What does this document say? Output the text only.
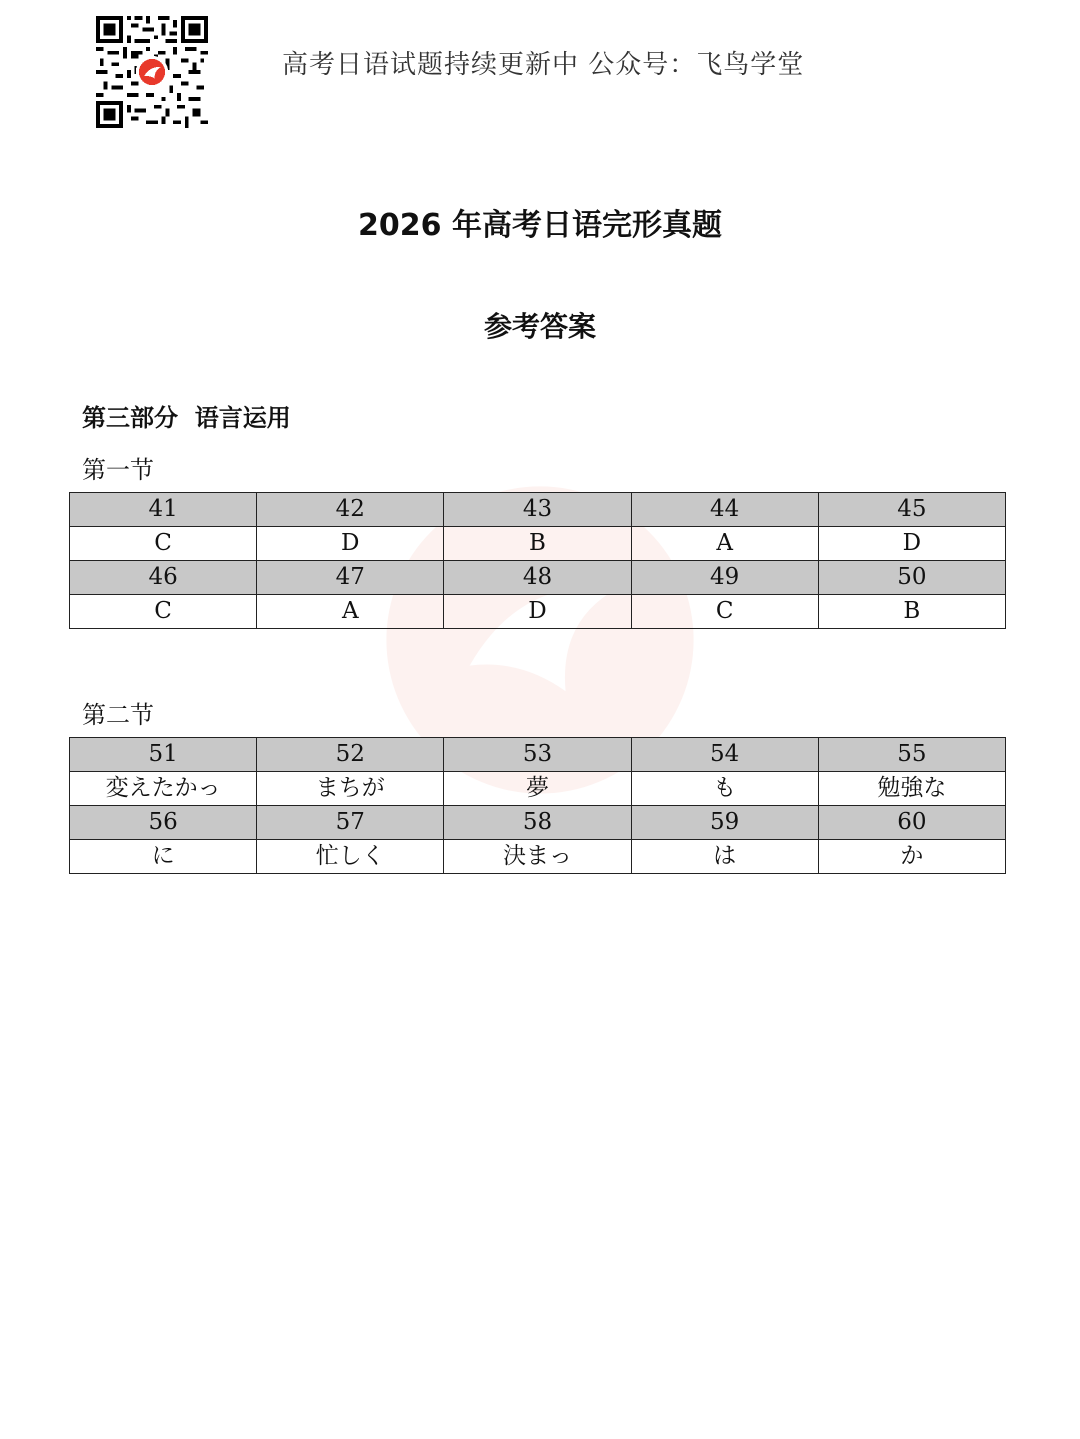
高考日语试题持续更新中 公众号：飞鸟学堂
2026 年高考日语完形真题
参考答案
第三部分  语言运用
第一节
41	42	43	44	45
C	D	B	A	D
46	47	48	49	50
C	A	D	C	B
第二节
51	52	53	54	55
変えたかっ	まちが	夢	も	勉強な
56	57	58	59	60
に	忙しく	決まっ	は	か
